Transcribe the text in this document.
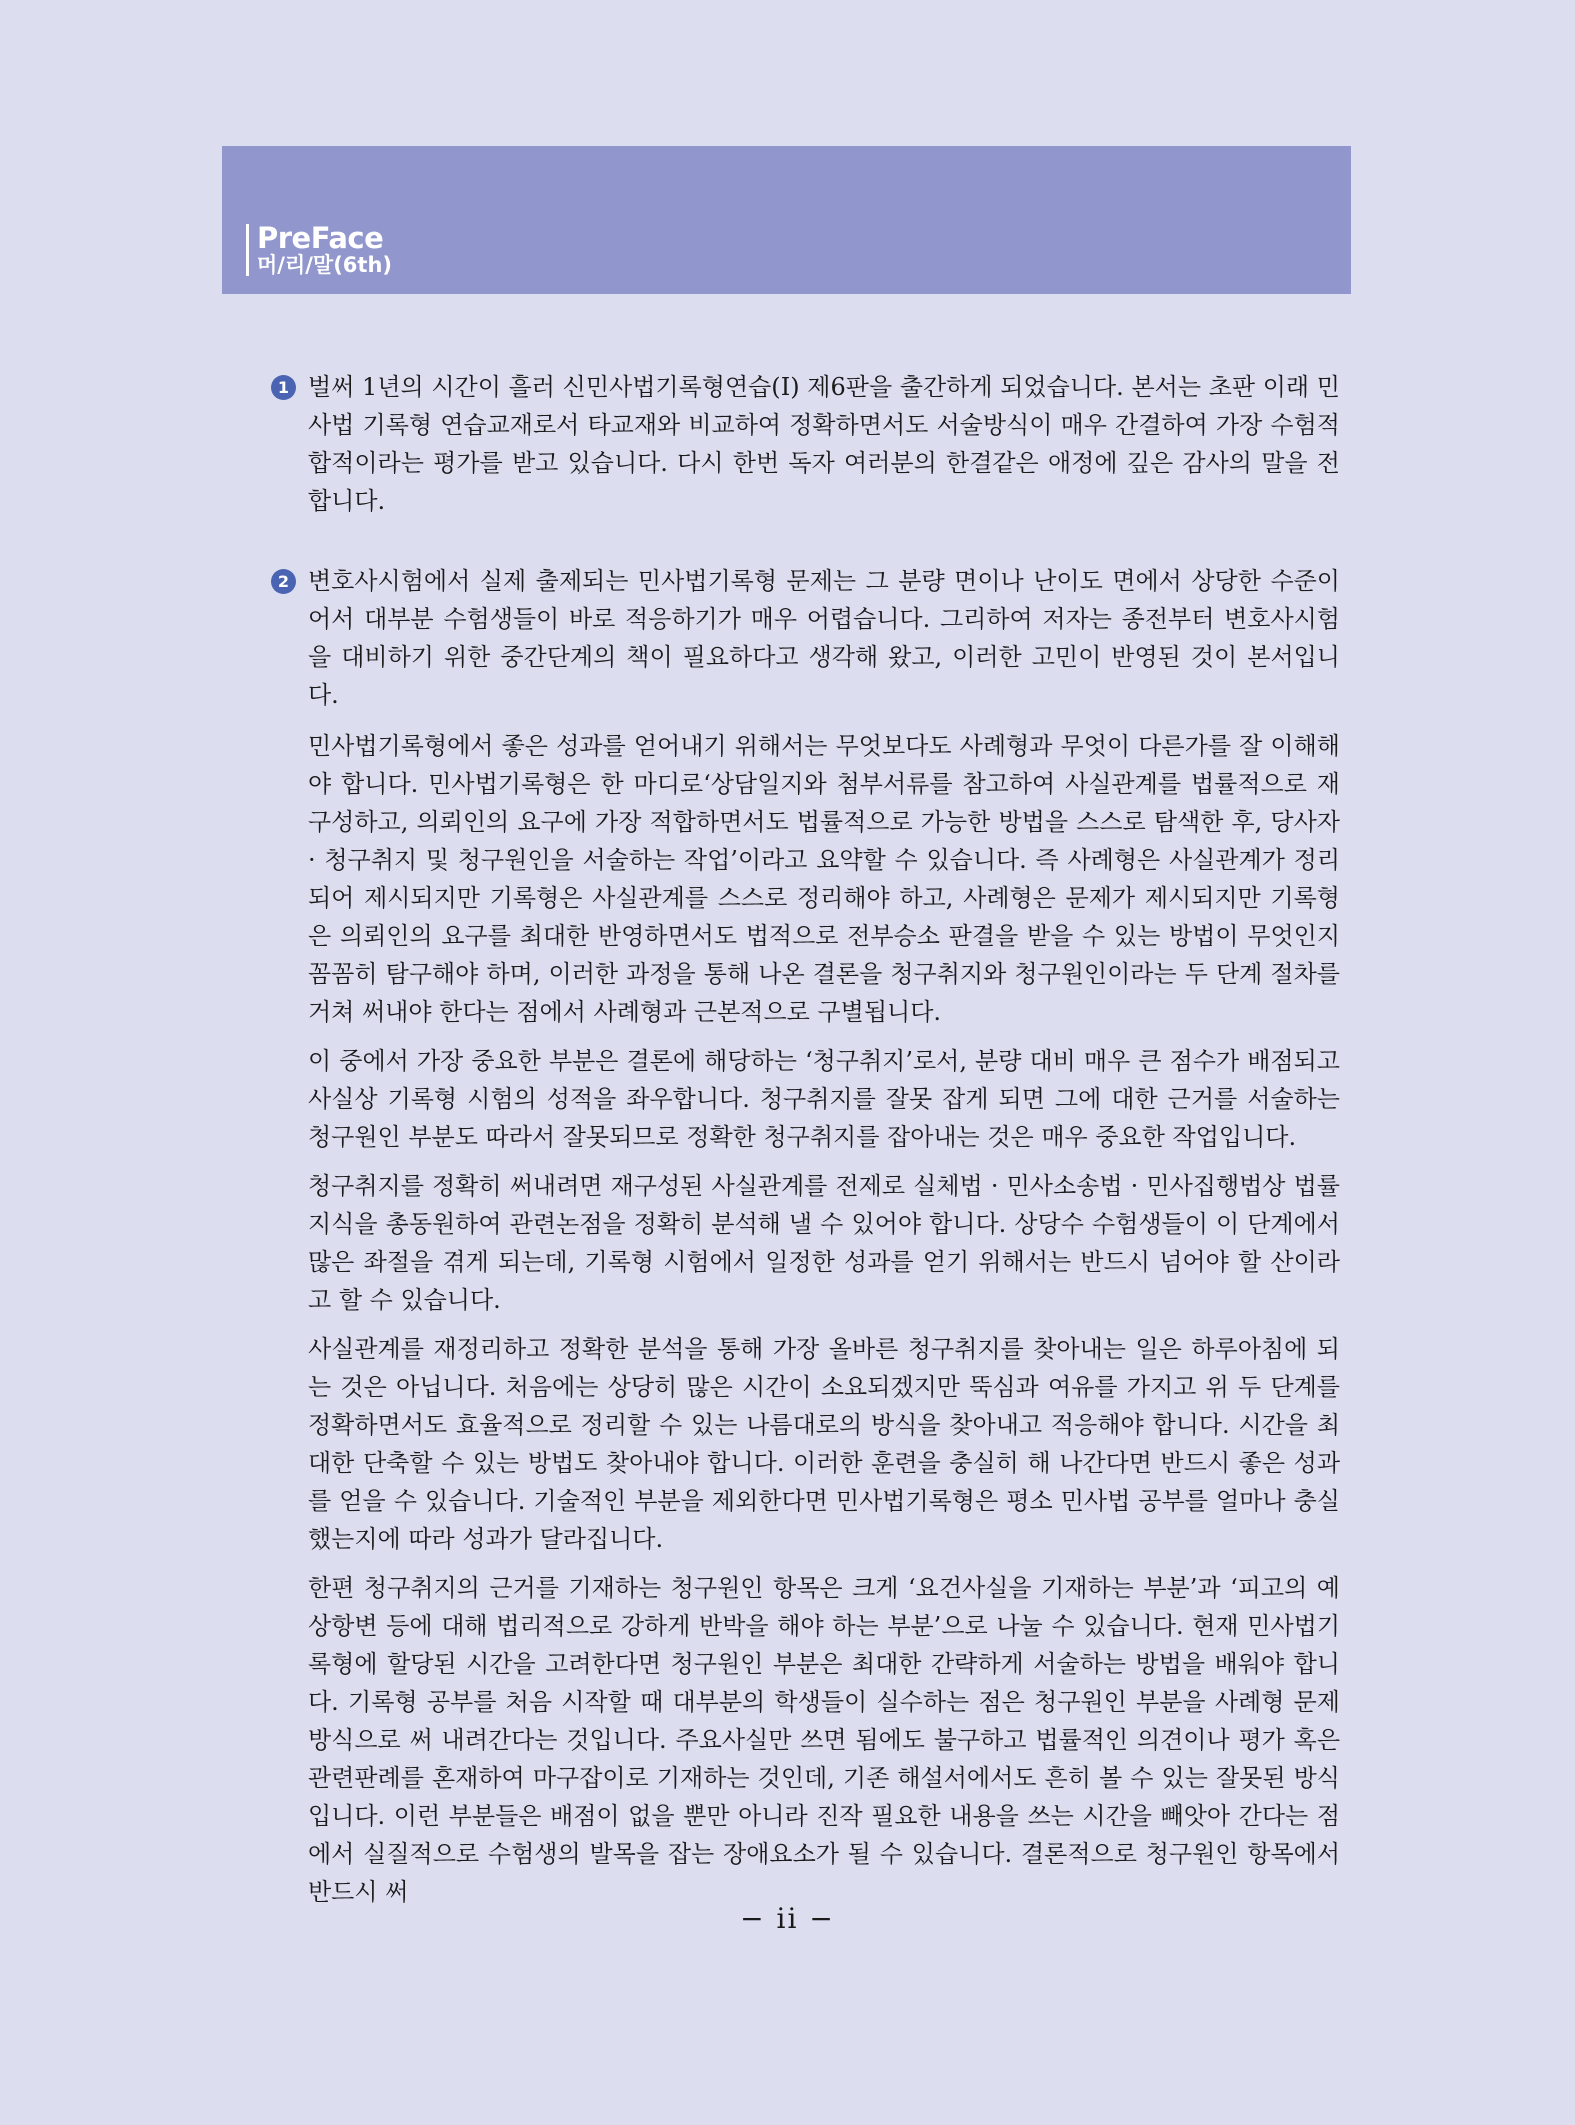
PreFace
머/리/말(6th)

1 벌써 1년의 시간이 흘러 신민사법기록형연습(Ⅰ) 제6판을 출간하게 되었습니다. 본서는 초판 이래 민사법 기록형 연습교재로서 타교재와 비교하여 정확하면서도 서술방식이 매우 간결하여 가장 수험적합적이라는 평가를 받고 있습니다. 다시 한번 독자 여러분의 한결같은 애정에 깊은 감사의 말을 전합니다.

2 변호사시험에서 실제 출제되는 민사법기록형 문제는 그 분량 면이나 난이도 면에서 상당한 수준이어서 대부분 수험생들이 바로 적응하기가 매우 어렵습니다. 그리하여 저자는 종전부터 변호사시험을 대비하기 위한 중간단계의 책이 필요하다고 생각해 왔고, 이러한 고민이 반영된 것이 본서입니다.

민사법기록형에서 좋은 성과를 얻어내기 위해서는 무엇보다도 사례형과 무엇이 다른가를 잘 이해해야 합니다. 민사법기록형은 한 마디로‘상담일지와 첨부서류를 참고하여 사실관계를 법률적으로 재구성하고, 의뢰인의 요구에 가장 적합하면서도 법률적으로 가능한 방법을 스스로 탐색한 후, 당사자 · 청구취지 및 청구원인을 서술하는 작업’이라고 요약할 수 있습니다. 즉 사례형은 사실관계가 정리되어 제시되지만 기록형은 사실관계를 스스로 정리해야 하고, 사례형은 문제가 제시되지만 기록형은 의뢰인의 요구를 최대한 반영하면서도 법적으로 전부승소 판결을 받을 수 있는 방법이 무엇인지 꼼꼼히 탐구해야 하며, 이러한 과정을 통해 나온 결론을 청구취지와 청구원인이라는 두 단계 절차를 거쳐 써내야 한다는 점에서 사례형과 근본적으로 구별됩니다.

이 중에서 가장 중요한 부분은 결론에 해당하는 ‘청구취지’로서, 분량 대비 매우 큰 점수가 배점되고 사실상 기록형 시험의 성적을 좌우합니다. 청구취지를 잘못 잡게 되면 그에 대한 근거를 서술하는 청구원인 부분도 따라서 잘못되므로 정확한 청구취지를 잡아내는 것은 매우 중요한 작업입니다.

청구취지를 정확히 써내려면 재구성된 사실관계를 전제로 실체법 · 민사소송법 · 민사집행법상 법률지식을 총동원하여 관련논점을 정확히 분석해 낼 수 있어야 합니다. 상당수 수험생들이 이 단계에서 많은 좌절을 겪게 되는데, 기록형 시험에서 일정한 성과를 얻기 위해서는 반드시 넘어야 할 산이라고 할 수 있습니다.

사실관계를 재정리하고 정확한 분석을 통해 가장 올바른 청구취지를 찾아내는 일은 하루아침에 되는 것은 아닙니다. 처음에는 상당히 많은 시간이 소요되겠지만 뚝심과 여유를 가지고 위 두 단계를 정확하면서도 효율적으로 정리할 수 있는 나름대로의 방식을 찾아내고 적응해야 합니다. 시간을 최대한 단축할 수 있는 방법도 찾아내야 합니다. 이러한 훈련을 충실히 해 나간다면 반드시 좋은 성과를 얻을 수 있습니다. 기술적인 부분을 제외한다면 민사법기록형은 평소 민사법 공부를 얼마나 충실했는지에 따라 성과가 달라집니다.

한편 청구취지의 근거를 기재하는 청구원인 항목은 크게 ‘요건사실을 기재하는 부분’과 ‘피고의 예상항변 등에 대해 법리적으로 강하게 반박을 해야 하는 부분’으로 나눌 수 있습니다. 현재 민사법기록형에 할당된 시간을 고려한다면 청구원인 부분은 최대한 간략하게 서술하는 방법을 배워야 합니다. 기록형 공부를 처음 시작할 때 대부분의 학생들이 실수하는 점은 청구원인 부분을 사례형 문제 방식으로 써 내려간다는 것입니다. 주요사실만 쓰면 됨에도 불구하고 법률적인 의견이나 평가 혹은 관련판례를 혼재하여 마구잡이로 기재하는 것인데, 기존 해설서에서도 흔히 볼 수 있는 잘못된 방식입니다. 이런 부분들은 배점이 없을 뿐만 아니라 진작 필요한 내용을 쓰는 시간을 빼앗아 간다는 점에서 실질적으로 수험생의 발목을 잡는 장애요소가 될 수 있습니다. 결론적으로 청구원인 항목에서 반드시 써

− ii −
